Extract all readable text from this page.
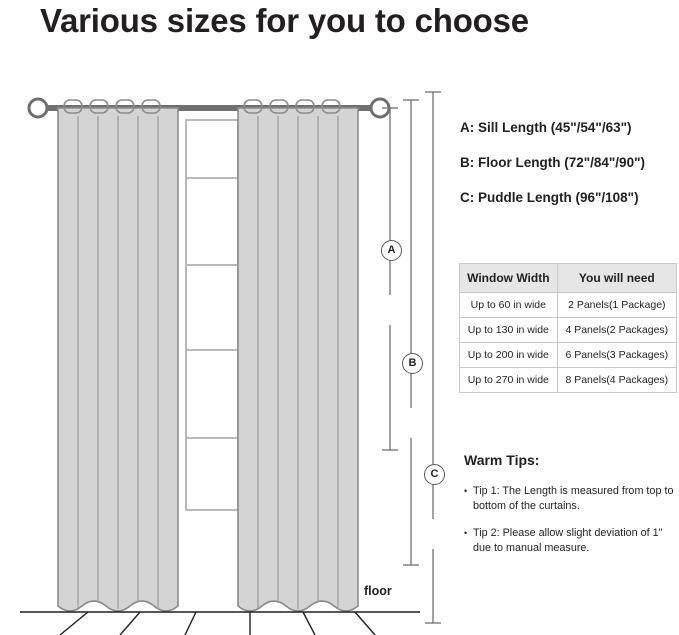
Various sizes for you to choose
A
B
C
floor
A: Sill Length (45"/54"/63")
B: Floor Length (72"/84"/90")
C: Puddle Length (96"/108")
Window Width	You will need
Up to 60 in wide	2 Panels(1 Package)
Up to 130 in wide	4 Panels(2 Packages)
Up to 200 in wide	6 Panels(3 Packages)
Up to 270 in wide	8 Panels(4 Packages)
Warm Tips:
• Tip 1: The Length is measured from top to bottom of the curtains.
• Tip 2: Please allow slight deviation of 1" due to manual measure.
